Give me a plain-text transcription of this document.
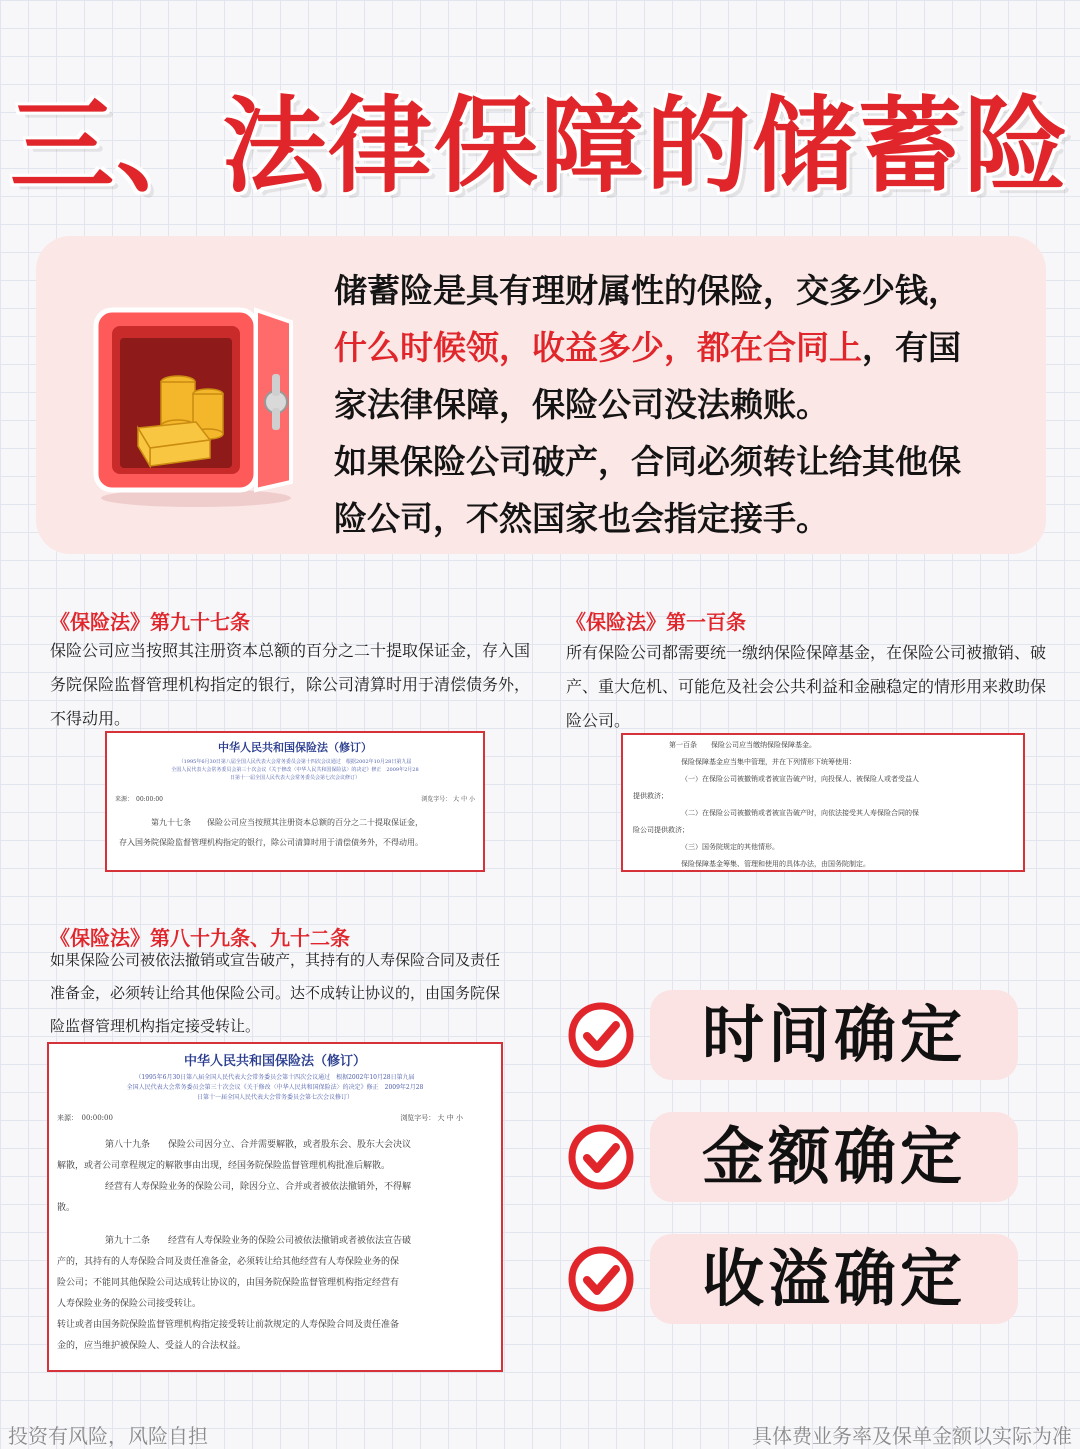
三、法律保障的储蓄险
储蓄险是具有理财属性的保险，交多少钱，
什么时候领，收益多少，都在合同上，有国
家法律保障，保险公司没法赖账。
如果保险公司破产，合同必须转让给其他保
险公司，不然国家也会指定接手。
《保险法》第九十七条
保险公司应当按照其注册资本总额的百分之二十提取保证金，存入国
务院保险监督管理机构指定的银行，除公司清算时用于清偿债务外，
不得动用。
中华人民共和国保险法（修订）
（1995年6月30日第八届全国人民代表大会常务委员会第十四次会议通过　根据2002年10月28日第九届
全国人民代表大会常务委员会第三十次会议《关于修改〈中华人民共和国保险法〉的决定》修正　2009年2月28
日第十一届全国人民代表大会常务委员会第七次会议修订）
来源：　00:00:00	浏览字号： 大 中 小

第九十七条　　保险公司应当按照其注册资本总额的百分之二十提取保证金，

存入国务院保险监督管理机构指定的银行，除公司清算时用于清偿债务外，不得动用。

《保险法》第一百条
所有保险公司都需要统一缴纳保险保障基金，在保险公司被撤销、破
产、重大危机、可能危及社会公共利益和金融稳定的情形用来救助保
险公司。

第一百条　　保险公司应当缴纳保险保障基金。

保险保障基金应当集中管理，并在下列情形下统筹使用：

（一）在保险公司被撤销或者被宣告破产时，向投保人、被保险人或者受益人

提供救济；

（二）在保险公司被撤销或者被宣告破产时，向依法接受其人寿保险合同的保

险公司提供救济；

（三）国务院规定的其他情形。

保险保障基金筹集、管理和使用的具体办法，由国务院制定。

《保险法》第八十九条、九十二条
如果保险公司被依法撤销或宣告破产，其持有的人寿保险合同及责任
准备金，必须转让给其他保险公司。达不成转让协议的，由国务院保
险监督管理机构指定接受转让。
中华人民共和国保险法（修订）
（1995年6月30日第八届全国人民代表大会常务委员会第十四次会议通过　根据2002年10月28日第九届
全国人民代表大会常务委员会第三十次会议《关于修改〈中华人民共和国保险法〉的决定》修正　2009年2月28
日第十一届全国人民代表大会常务委员会第七次会议修订）
来源：　00:00:00	浏览字号： 大 中 小

第八十九条　　保险公司因分立、合并需要解散，或者股东会、股东大会决议

解散，或者公司章程规定的解散事由出现，经国务院保险监督管理机构批准后解散。

经营有人寿保险业务的保险公司，除因分立、合并或者被依法撤销外，不得解

散。

第九十二条　　经营有人寿保险业务的保险公司被依法撤销或者被依法宣告破

产的，其持有的人寿保险合同及责任准备金，必须转让给其他经营有人寿保险业务的保

险公司；不能同其他保险公司达成转让协议的，由国务院保险监督管理机构指定经营有

人寿保险业务的保险公司接受转让。

转让或者由国务院保险监督管理机构指定接受转让前款规定的人寿保险合同及责任准备

金的，应当维护被保险人、受益人的合法权益。

时间确定
金额确定
收溢确定
投资有风险，风险自担	具体费业务率及保单金额以实际为准
